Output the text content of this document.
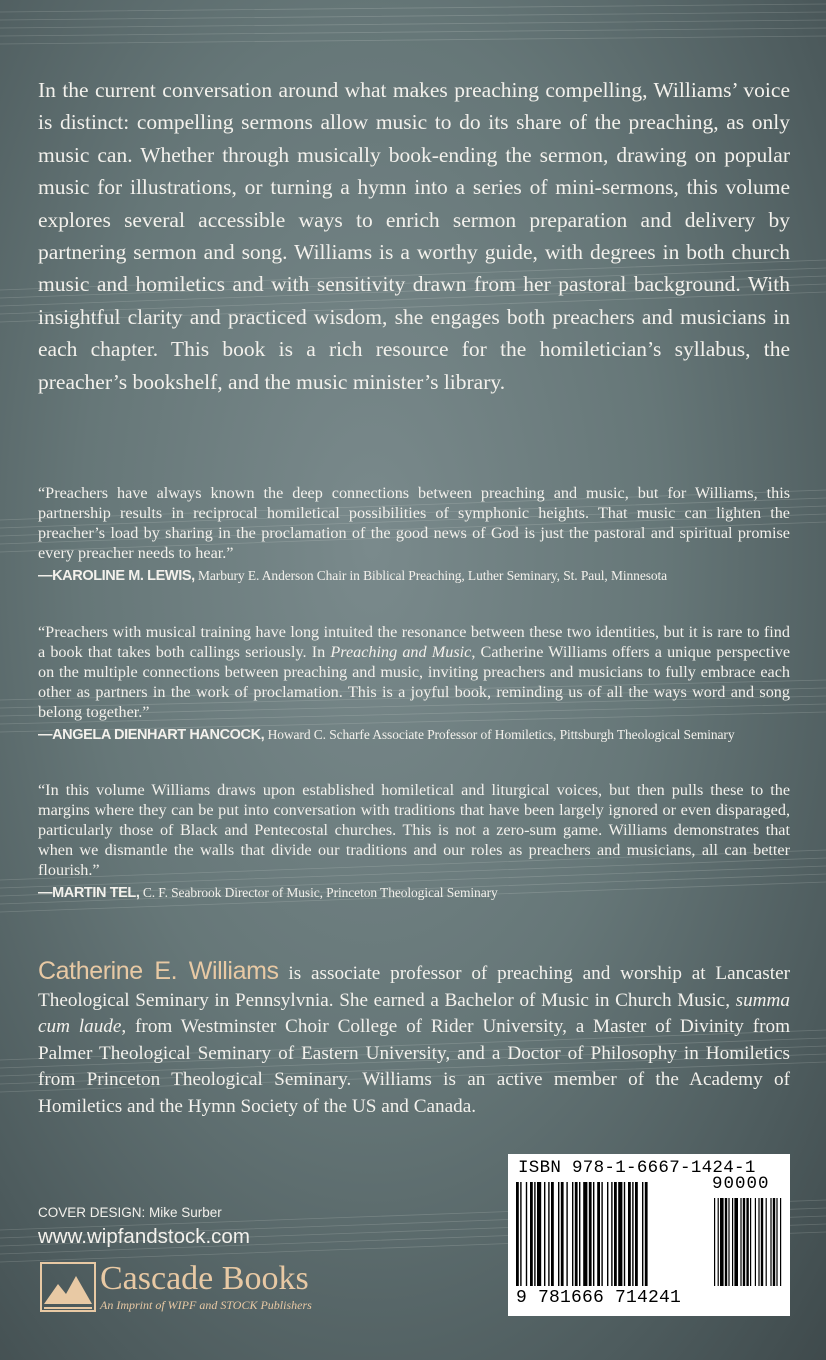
In the current conversation around what makes preaching compelling, Williams’ voice is distinct: compelling sermons allow music to do its share of the preaching, as only music can. Whether through musically book-ending the sermon, drawing on popular music for illustrations, or turning a hymn into a series of mini-sermons, this volume explores several accessible ways to enrich sermon preparation and delivery by partnering sermon and song. Williams is a worthy guide, with degrees in both church music and homiletics and with sensitivity drawn from her pastoral background. With insightful clarity and practiced wisdom, she engages both preachers and musicians in each chapter. This book is a rich resource for the homiletician’s syllabus, the preacher’s bookshelf, and the music minister’s library.

“Preachers have always known the deep connections between preaching and music, but for Williams, this partnership results in reciprocal homiletical possibilities of symphonic heights. That music can lighten the preacher’s load by sharing in the proclamation of the good news of God is just the pastoral and spiritual promise every preacher needs to hear.”

—KAROLINE M. LEWIS, Marbury E. Anderson Chair in Biblical Preaching, Luther Seminary, St. Paul, Minnesota

“Preachers with musical training have long intuited the resonance between these two identities, but it is rare to find a book that takes both callings seriously. In Preaching and Music, Catherine Williams offers a unique perspective on the multiple connections between preaching and music, inviting preachers and musicians to fully embrace each other as partners in the work of proclamation. This is a joyful book, reminding us of all the ways word and song belong together.”

—ANGELA DIENHART HANCOCK, Howard C. Scharfe Associate Professor of Homiletics, Pittsburgh Theological Seminary

“In this volume Williams draws upon established homiletical and liturgical voices, but then pulls these to the margins where they can be put into conversation with traditions that have been largely ignored or even disparaged, particularly those of Black and Pentecostal churches. This is not a zero-sum game. Williams demonstrates that when we dismantle the walls that divide our traditions and our roles as preachers and musicians, all can better flourish.”

—MARTIN TEL, C. F. Seabrook Director of Music, Princeton Theological Seminary

Catherine E. Williams is associate professor of preaching and worship at Lancaster Theological Seminary in Pennsylvnia. She earned a Bachelor of Music in Church Music, summa cum laude, from Westminster Choir College of Rider University, a Master of Divinity from Palmer Theological Seminary of Eastern University, and a Doctor of Philosophy in Homiletics from Princeton Theological Seminary. Williams is an active member of the Academy of Homiletics and the Hymn Society of the US and Canada.

COVER DESIGN: Mike Surber
www.wipfandstock.com
Cascade Books
An Imprint of WIPF and STOCK Publishers
ISBN 978-1-6667-1424-1
90000
9 781666 714241
